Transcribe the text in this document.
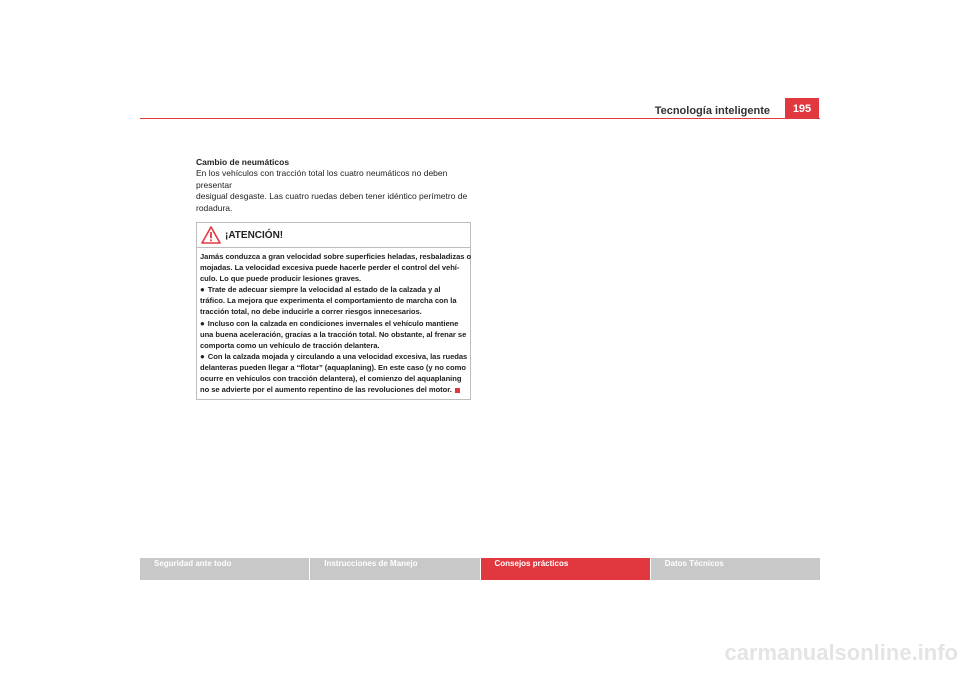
Tecnología inteligente	195
Cambio de neumáticos

En los vehículos con tracción total los cuatro neumáticos no deben presentar
desigual desgaste. Las cuatro ruedas deben tener idéntico perímetro de
rodadura.

¡ATENCIÓN!

Jamás conduzca a gran velocidad sobre superficies heladas, resbaladizas o
mojadas. La velocidad excesiva puede hacerle perder el control del vehí-
culo. Lo que puede producir lesiones graves.

● Trate de adecuar siempre la velocidad al estado de la calzada y al
tráfico. La mejora que experimenta el comportamiento de marcha con la
tracción total, no debe inducirle a correr riesgos innecesarios.

● Incluso con la calzada en condiciones invernales el vehículo mantiene
una buena aceleración, gracias a la tracción total. No obstante, al frenar se
comporta como un vehículo de tracción delantera.

● Con la calzada mojada y circulando a una velocidad excesiva, las ruedas
delanteras pueden llegar a “flotar” (aquaplaning). En este caso (y no como
ocurre en vehículos con tracción delantera), el comienzo del aquaplaning
no se advierte por el aumento repentino de las revoluciones del motor.

Seguridad ante todo	Instrucciones de Manejo	Consejos prácticos	Datos Técnicos
carmanualsonline.info
